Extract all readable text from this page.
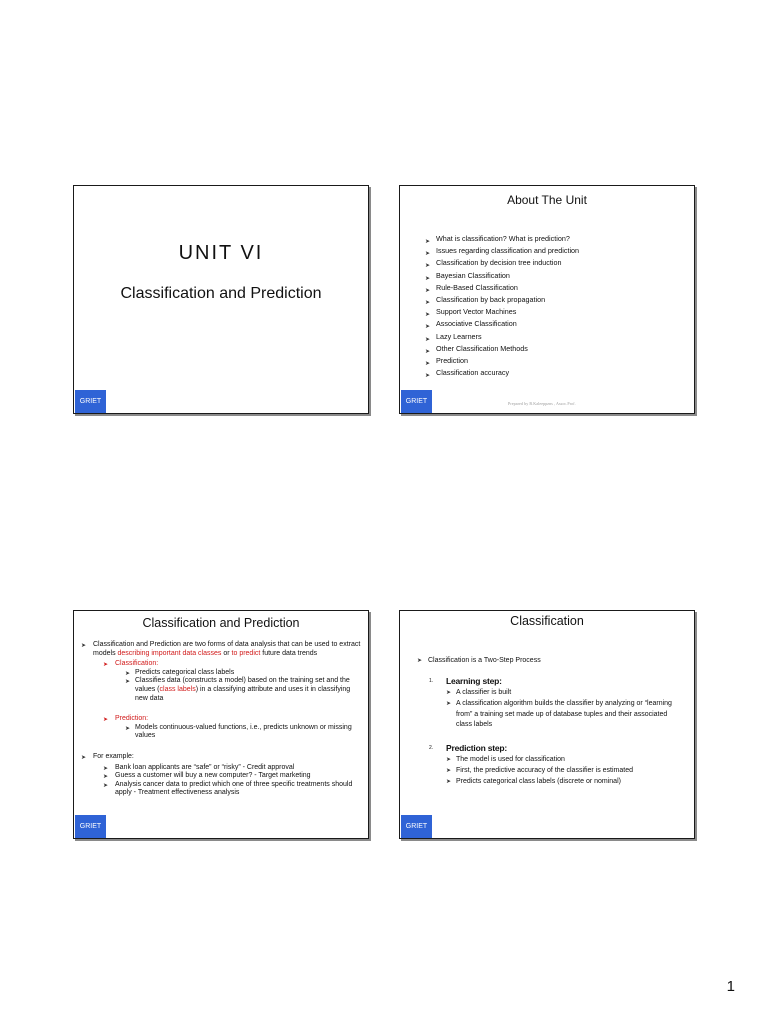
UNIT VI
Classification and Prediction
GRIET
About The Unit
➤ What is classification? What is prediction?
➤ Issues regarding classification and prediction
➤ Classification by decision tree induction
➤ Bayesian Classification
➤ Rule-Based Classification
➤ Classification by back propagation
➤ Support Vector Machines
➤ Associative Classification
➤ Lazy Learners
➤ Other Classification Methods
➤ Prediction
➤ Classification accuracy
Prepared by B.Kaleeppzns , Assoc.Prof.
GRIET
Classification and Prediction
➤ Classification and Prediction are two forms of data analysis that can be used to extract models describing important data classes or to predict future data trends
➤ Classification:
➤ Predicts categorical class labels
➤ Classifies data (constructs a model) based on the training set and the values (class labels) in a classifying attribute and uses it in classifying new data
➤ Prediction:
➤ Models continuous-valued functions, i.e., predicts unknown or missing values
➤ For example:
➤ Bank loan applicants are “safe” or “risky” - Credit approval
➤ Guess a customer will buy a new computer? - Target marketing
➤ Analysis cancer data to predict which one of three specific treatments should apply - Treatment effectiveness analysis
GRIET
Classification
➤ Classification is a Two-Step Process
1. Learning step:
➤ A classifier is built
➤ A classification algorithm builds the classifier by analyzing or “learning from” a training set made up of database tuples and their associated class labels
2. Prediction step:
➤ The model is used for classification
➤ First, the predictive accuracy of the classifier is estimated
➤ Predicts categorical class labels (discrete or nominal)
GRIET
1
